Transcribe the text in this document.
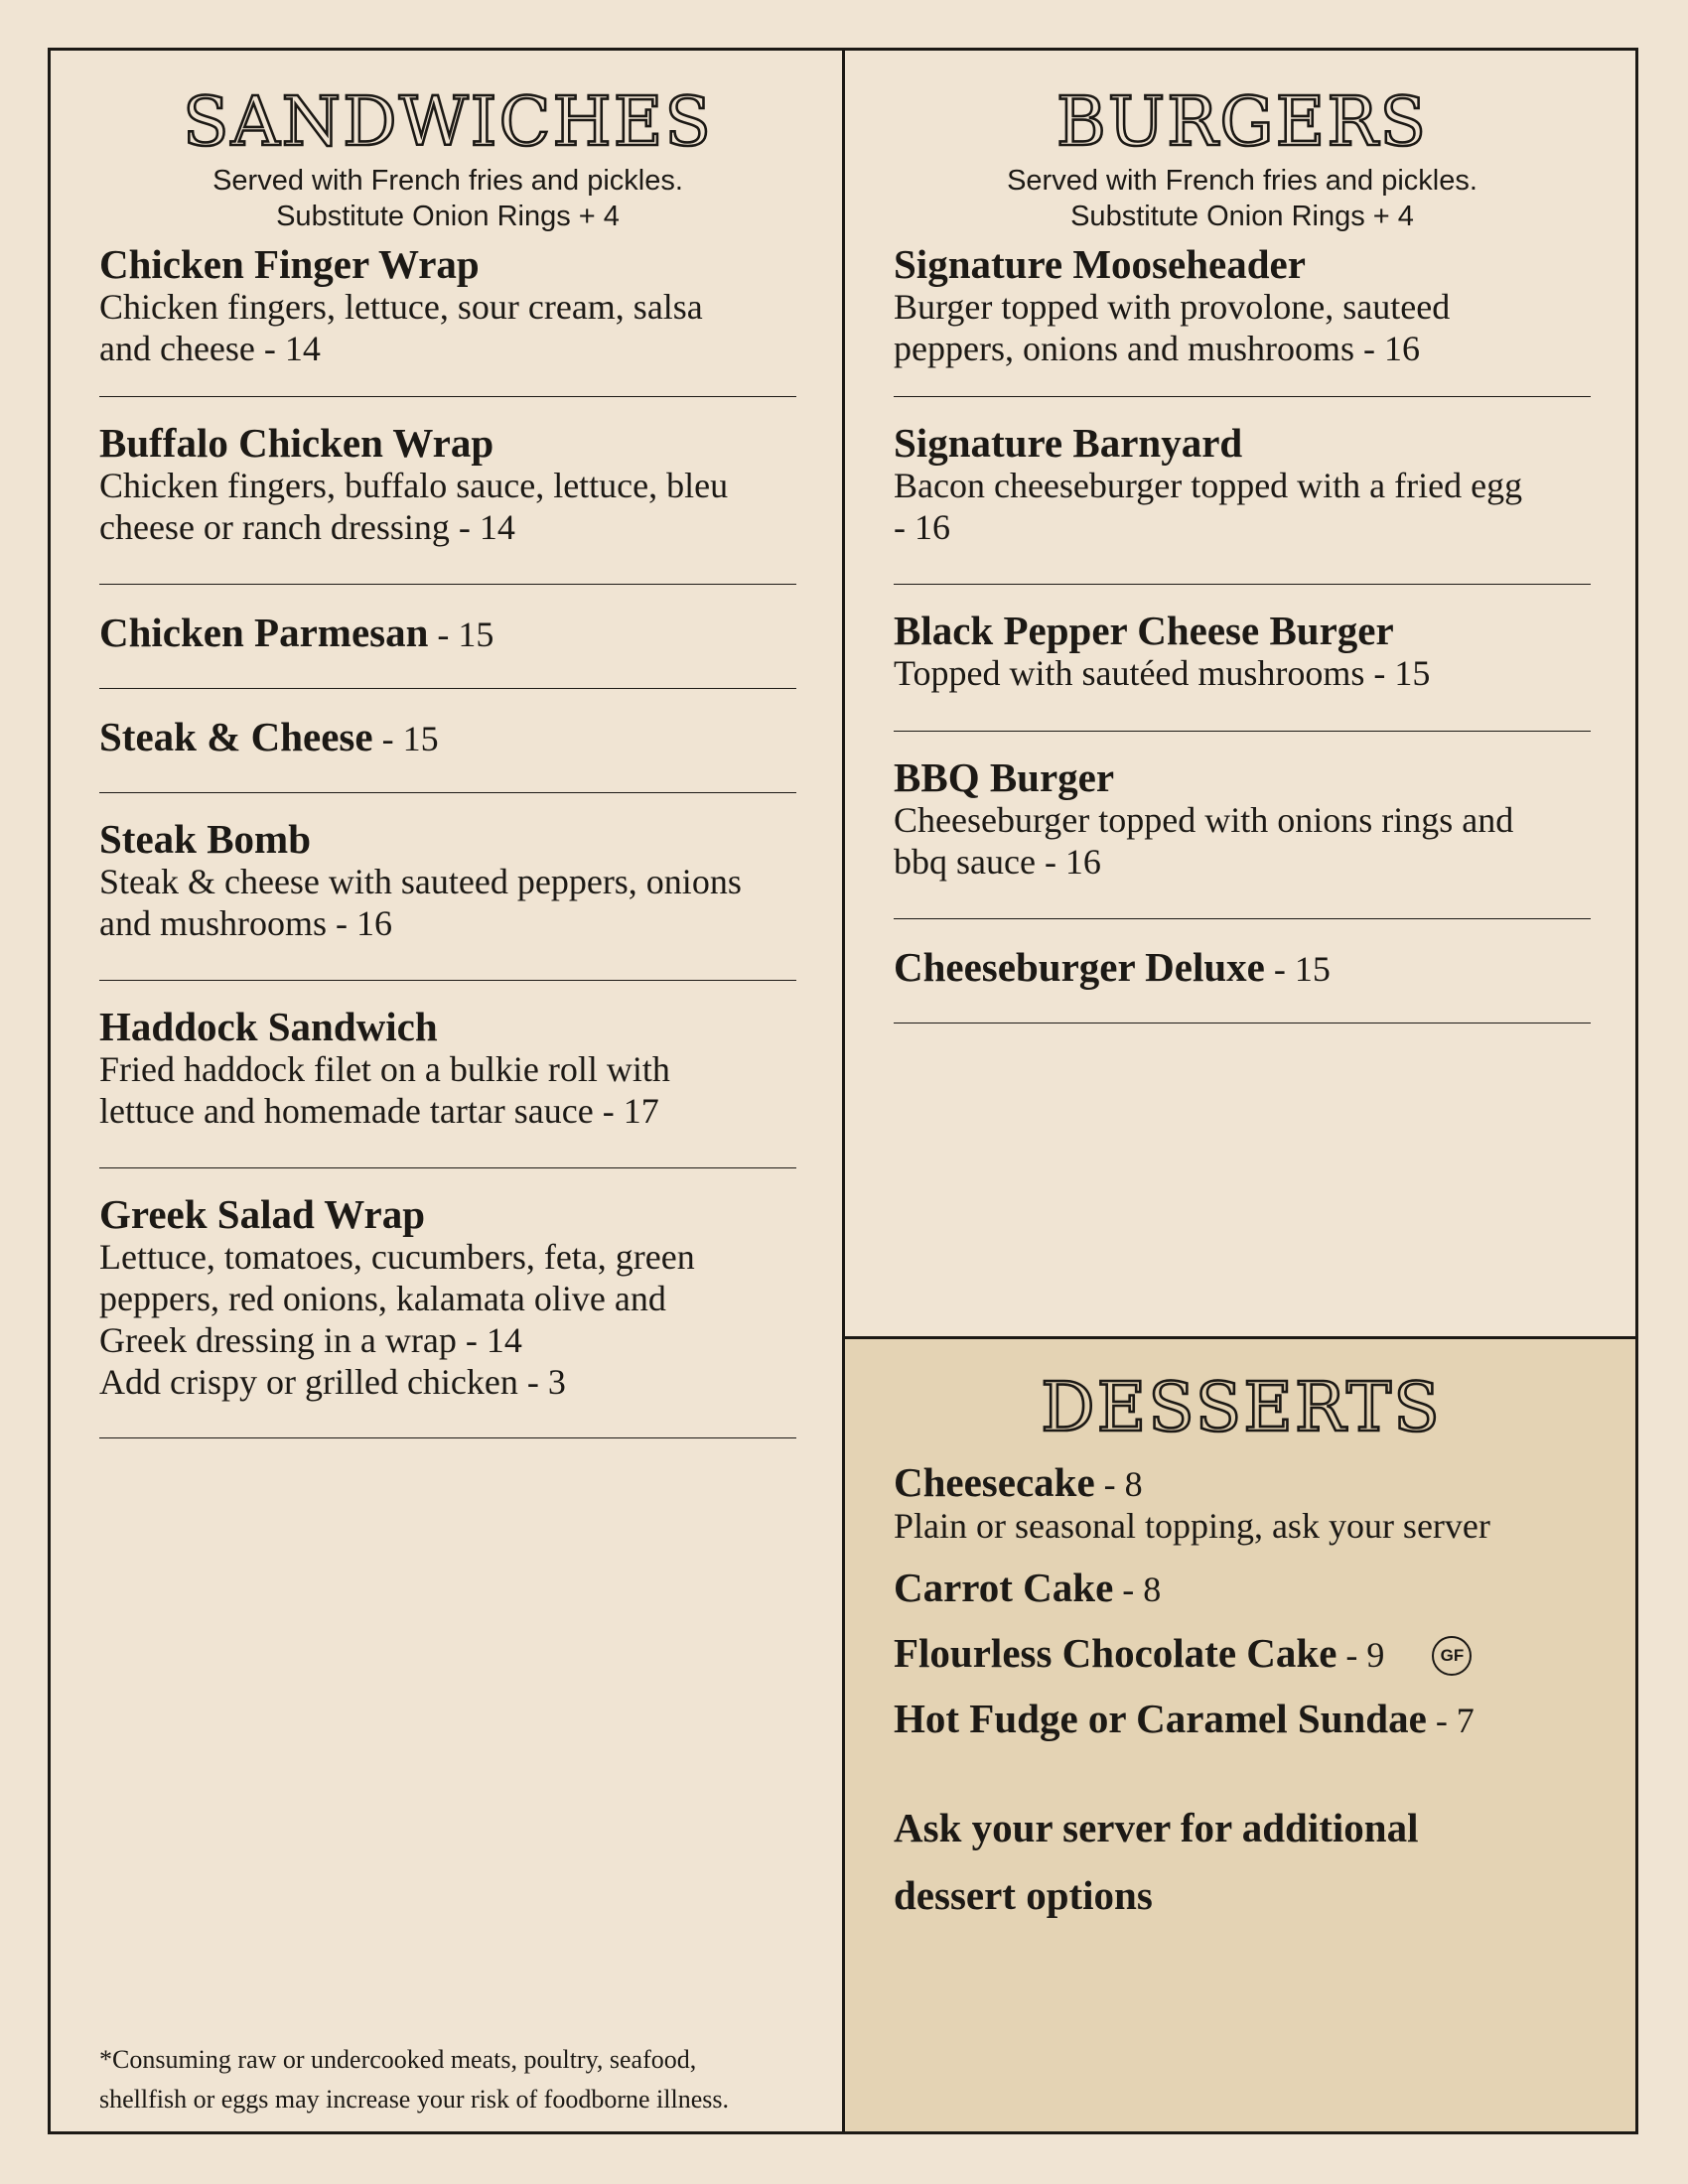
SANDWICHES
Served with French fries and pickles.
Substitute Onion Rings + 4
Chicken Finger Wrap
Chicken fingers, lettuce, sour cream, salsa
and cheese - 14
Buffalo Chicken Wrap
Chicken fingers, buffalo sauce, lettuce, bleu
cheese or ranch dressing - 14
Chicken Parmesan - 15
Steak & Cheese - 15
Steak Bomb
Steak & cheese with sauteed peppers, onions
and mushrooms - 16
Haddock Sandwich
Fried haddock filet on a bulkie roll with
lettuce and homemade tartar sauce - 17
Greek Salad Wrap
Lettuce, tomatoes, cucumbers, feta, green
peppers, red onions, kalamata olive and
Greek dressing in a wrap - 14
Add crispy or grilled chicken - 3
BURGERS
Served with French fries and pickles.
Substitute Onion Rings + 4
Signature Mooseheader
Burger topped with provolone, sauteed
peppers, onions and mushrooms - 16
Signature Barnyard
Bacon cheeseburger topped with a fried egg
- 16
Black Pepper Cheese Burger
Topped with sautéed mushrooms - 15
BBQ Burger
Cheeseburger topped with onions rings and
bbq sauce - 16
Cheeseburger Deluxe - 15
DESSERTS
Cheesecake - 8
Plain or seasonal topping, ask your server
Carrot Cake - 8
Flourless Chocolate Cake - 9	GF
Hot Fudge or Caramel Sundae - 7
Ask your server for additional
dessert options
*Consuming raw or undercooked meats, poultry, seafood,
shellfish or eggs may increase your risk of foodborne illness.
